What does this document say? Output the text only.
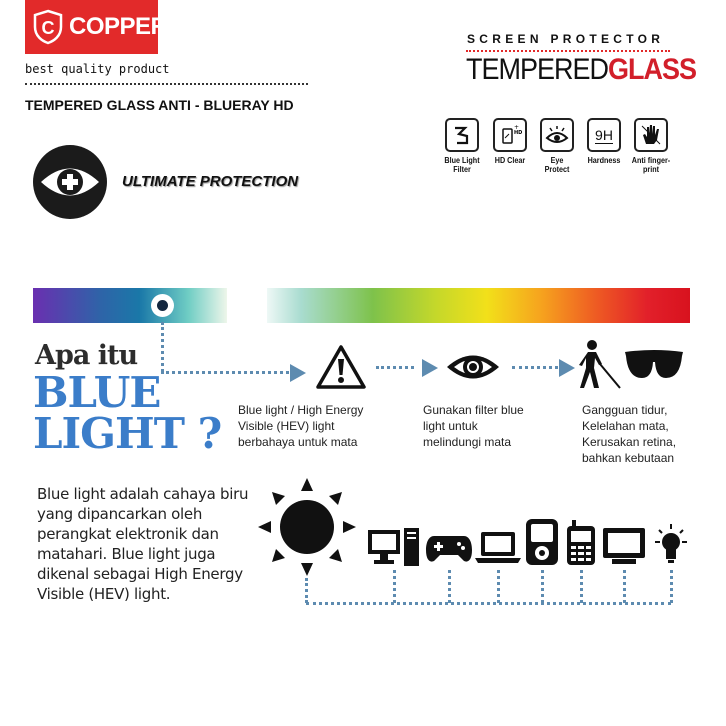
C COPPER
best quality product
TEMPERED GLASS ANTI - BLUERAY HD
ULTIMATE PROTECTION
SCREEN PROTECTOR
TEMPEREDGLASS
Blue Light Filter
HD
+
HD Clear	Eye Protect
9H
Hardness	Anti finger-print
Apa itu
BLUE
LIGHT ? Blue light / High Energy
Visible (HEV) light
berbahaya untuk mata
Gunakan filter blue
light untuk
melindungi mata
Gangguan tidur,
Kelelahan mata,
Kerusakan retina,
bahkan kebutaan
Blue light adalah cahaya biru yang dipancarkan oleh perangkat elektronik dan matahari. Blue light juga dikenal sebagai High Energy Visible (HEV) light.
